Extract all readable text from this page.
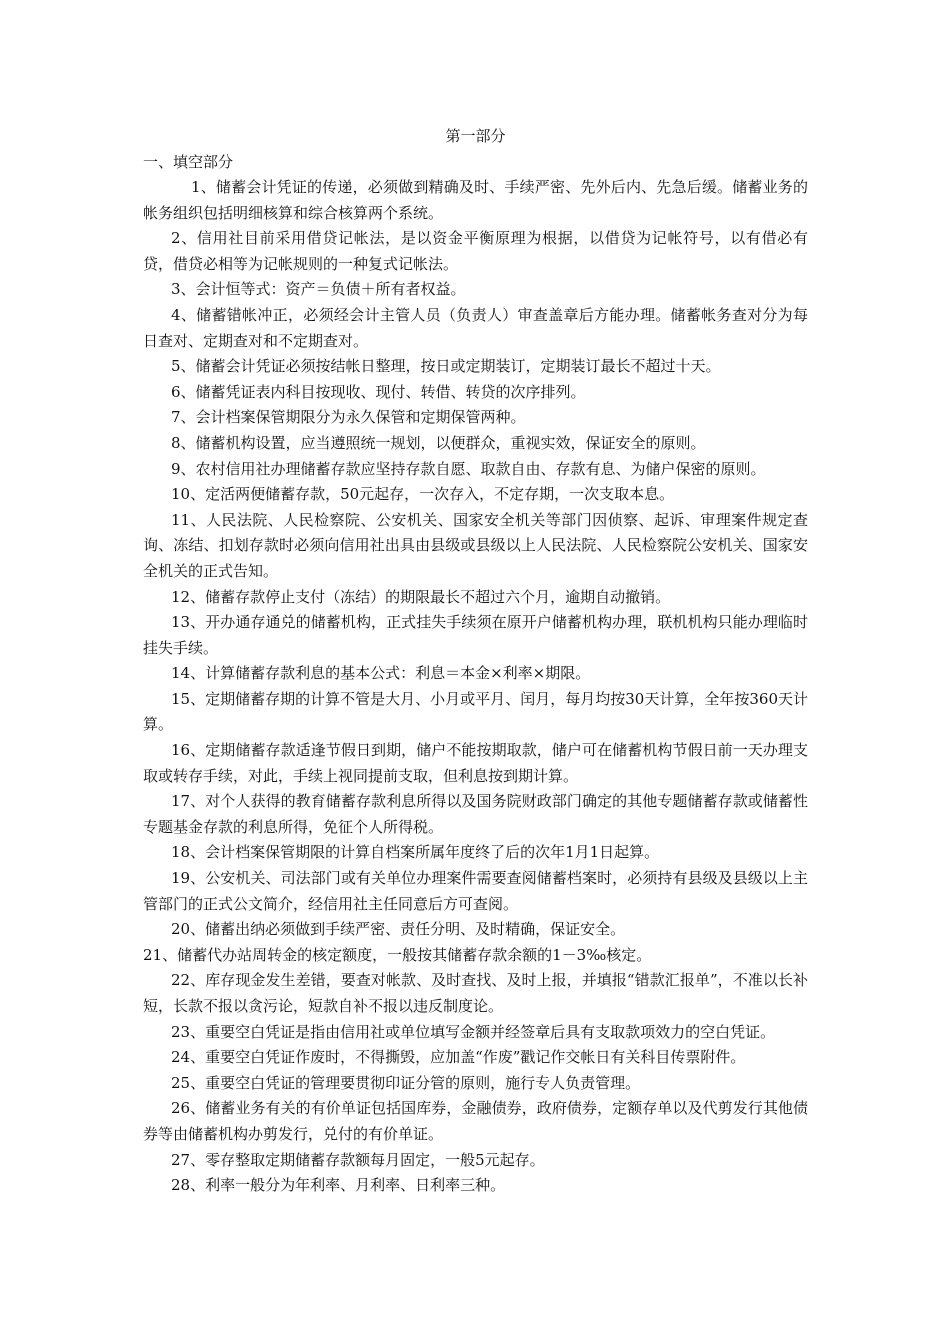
第一部分

一、填空部分

1、储蓄会计凭证的传递，必须做到精确及时、手续严密、先外后内、先急后缓。储蓄业务的帐务组织包括明细核算和综合核算两个系统。

2、信用社目前采用借贷记帐法，是以资金平衡原理为根据，以借贷为记帐符号，以有借必有贷，借贷必相等为记帐规则的一种复式记帐法。

3、会计恒等式：资产＝负债＋所有者权益。

4、储蓄错帐冲正，必须经会计主管人员（负责人）审查盖章后方能办理。储蓄帐务查对分为每日查对、定期查对和不定期查对。

5、储蓄会计凭证必须按结帐日整理，按日或定期装订，定期装订最长不超过十天。

6、储蓄凭证表内科目按现收、现付、转借、转贷的次序排列。

7、会计档案保管期限分为永久保管和定期保管两种。

8、储蓄机构设置，应当遵照统一规划，以便群众，重视实效，保证安全的原则。

9、农村信用社办理储蓄存款应坚持存款自愿、取款自由、存款有息、为储户保密的原则。

10、定活两便储蓄存款，50元起存，一次存入，不定存期，一次支取本息。

11、人民法院、人民检察院、公安机关、国家安全机关等部门因侦察、起诉、审理案件规定查询、冻结、扣划存款时必须向信用社出具由县级或县级以上人民法院、人民检察院公安机关、国家安全机关的正式告知。

12、储蓄存款停止支付（冻结）的期限最长不超过六个月，逾期自动撤销。

13、开办通存通兑的储蓄机构，正式挂失手续须在原开户储蓄机构办理，联机机构只能办理临时挂失手续。

14、计算储蓄存款利息的基本公式：利息＝本金×利率×期限。

15、定期储蓄存期的计算不管是大月、小月或平月、闰月，每月均按30天计算，全年按360天计算。

16、定期储蓄存款适逢节假日到期，储户不能按期取款，储户可在储蓄机构节假日前一天办理支取或转存手续，对此，手续上视同提前支取，但利息按到期计算。

17、对个人获得的教育储蓄存款利息所得以及国务院财政部门确定的其他专题储蓄存款或储蓄性专题基金存款的利息所得，免征个人所得税。

18、会计档案保管期限的计算自档案所属年度终了后的次年1月1日起算。

19、公安机关、司法部门或有关单位办理案件需要查阅储蓄档案时，必须持有县级及县级以上主管部门的正式公文简介，经信用社主任同意后方可查阅。

20、储蓄出纳必须做到手续严密、责任分明、及时精确，保证安全。

21、储蓄代办站周转金的核定额度，一般按其储蓄存款余额的1－3‰核定。

22、库存现金发生差错，要查对帐款、及时查找、及时上报，并填报“错款汇报单”，不准以长补短，长款不报以贪污论，短款自补不报以违反制度论。

23、重要空白凭证是指由信用社或单位填写金额并经签章后具有支取款项效力的空白凭证。

24、重要空白凭证作废时，不得撕毁，应加盖“作废”戳记作交帐日有关科目传票附件。

25、重要空白凭证的管理要贯彻印证分管的原则，施行专人负责管理。

26、储蓄业务有关的有价单证包括国库券，金融债券，政府债券，定额存单以及代剪发行其他债券等由储蓄机构办剪发行，兑付的有价单证。

27、零存整取定期储蓄存款额每月固定，一般5元起存。

28、利率一般分为年利率、月利率、日利率三种。
